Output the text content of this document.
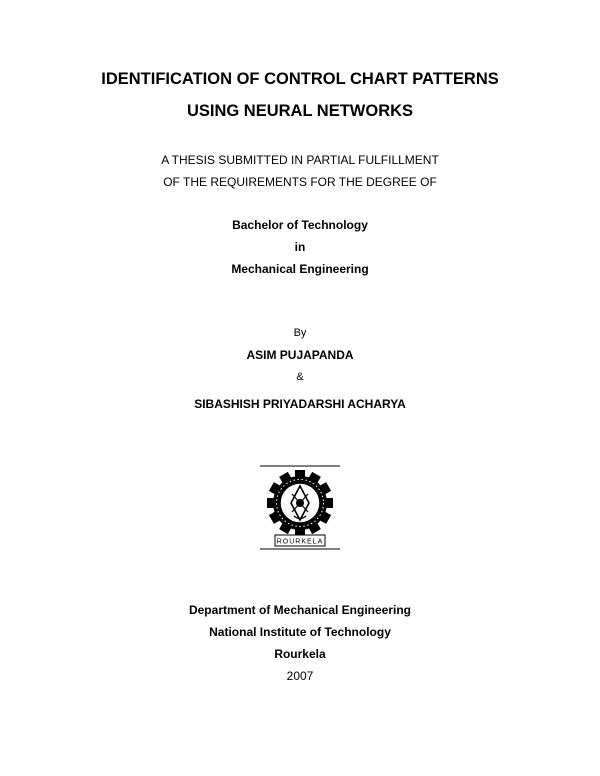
IDENTIFICATION OF CONTROL CHART PATTERNS
USING NEURAL NETWORKS
A THESIS SUBMITTED IN PARTIAL FULFILLMENT
OF THE REQUIREMENTS FOR THE DEGREE OF
Bachelor of Technology
in
Mechanical Engineering
By
ASIM PUJAPANDA
&
SIBASHISH PRIYADARSHI ACHARYA
ROURKELA
Department of Mechanical Engineering
National Institute of Technology
Rourkela
2007
